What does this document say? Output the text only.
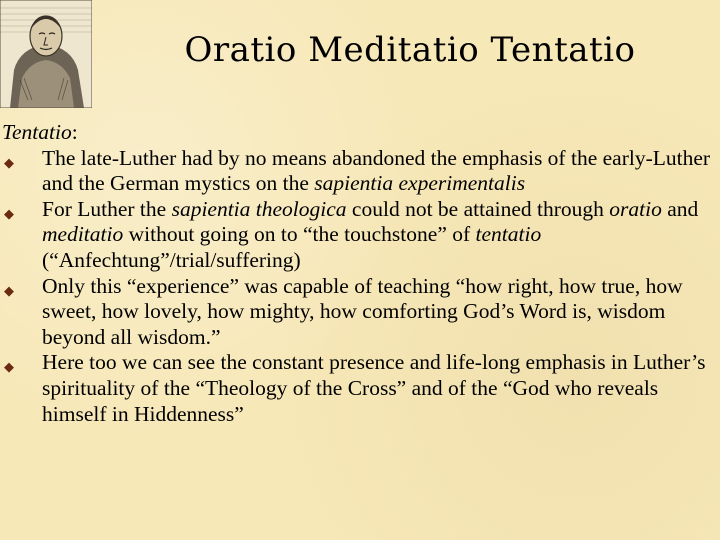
Oratio Meditatio Tentatio
Tentatio:
◆ The late-Luther had by no means abandoned the emphasis of the early-Luther and the German mystics on the sapientia experimentalis
◆ For Luther the sapientia theologica could not be attained through oratio and meditatio without going on to “the touchstone” of tentatio (“Anfechtung”/trial/suffering)
◆ Only this “experience” was capable of teaching “how right, how true, how sweet, how lovely, how mighty, how comforting God’s Word is, wisdom beyond all wisdom.”
◆ Here too we can see the constant presence and life-long emphasis in Luther’s spirituality of the “Theology of the Cross” and of the “God who reveals himself in Hiddenness”
